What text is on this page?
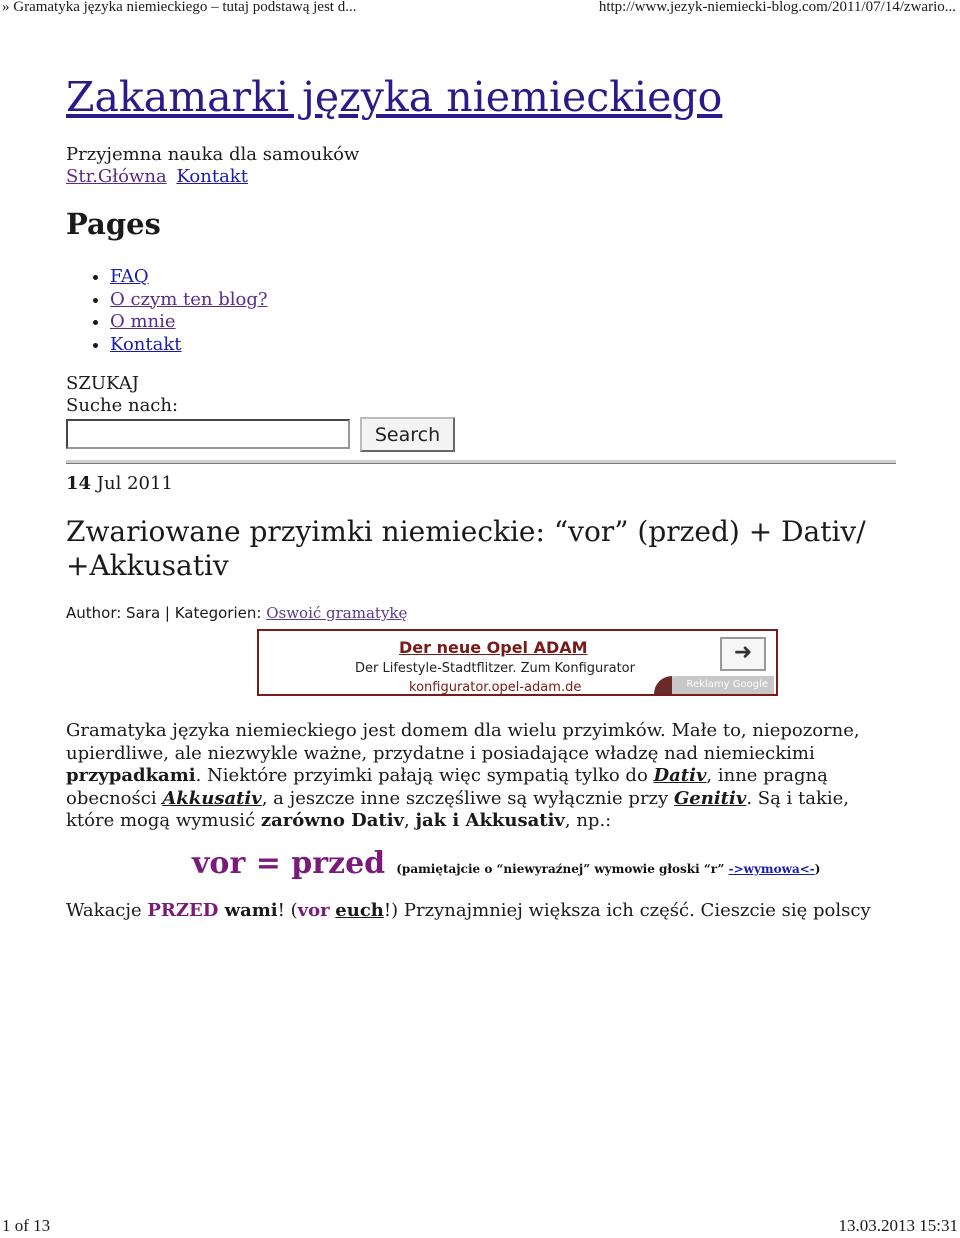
» Gramatyka języka niemieckiego – tutaj podstawą jest d...	http://www.jezyk-niemiecki-blog.com/2011/07/14/zwario...
Zakamarki języka niemieckiego
Przyjemna nauka dla samouków
Str.Główna Kontakt
Pages
• FAQ
• O czym ten blog?
• O mnie
• Kontakt
SZUKAJ
Suche nach:
Search
14 Jul 2011
Zwariowane przyimki niemieckie: “vor” (przed) + Dativ/ +Akkusativ
Author: Sara | Kategorien: Oswoić gramatykę
Der neue Opel ADAM
Der Lifestyle-Stadtflitzer. Zum Konfigurator
konfigurator.opel-adam.de
➜
Reklamy Google

Gramatyka języka niemieckiego jest domem dla wielu przyimków. Małe to, niepozorne, upierdliwe, ale niezwykle ważne, przydatne i posiadające władzę nad niemieckimi przypadkami. Niektóre przyimki pałają więc sympatią tylko do Dativ, inne pragną obecności Akkusativ, a jeszcze inne szczęśliwe są wyłącznie przy Genitiv. Są i takie, które mogą wymusić zarówno Dativ, jak i Akkusativ, np.:

vor = przed (pamiętajcie o “niewyraźnej” wymowie głoski “r” ->wymowa<-)
Wakacje PRZED wami! (vor euch!) Przynajmniej większa ich część. Cieszcie się polscy
1 of 13	13.03.2013 15:31
